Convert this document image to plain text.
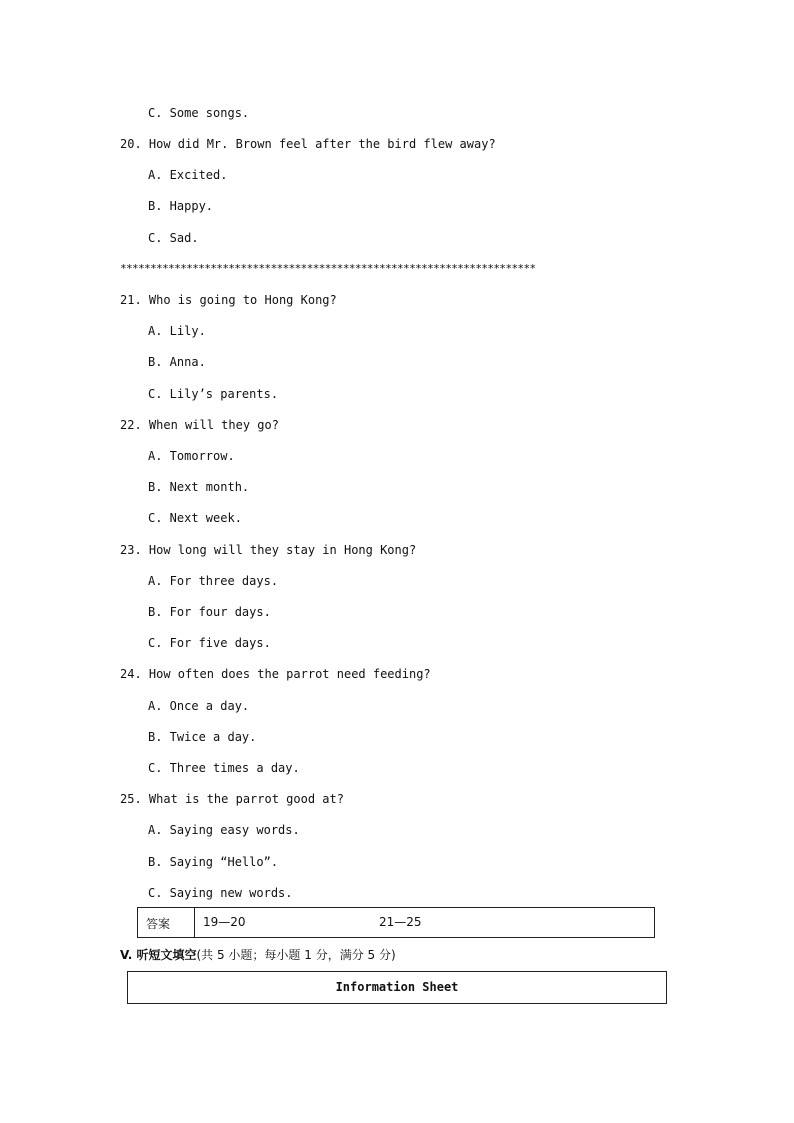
C. Some songs.
20. How did Mr. Brown feel after the bird flew away?
A. Excited.
B. Happy.
C. Sad.
*********************************************************************
21. Who is going to Hong Kong?
A. Lily.
B. Anna.
C. Lily’s parents.
22. When will they go?
A. Tomorrow.
B. Next month.
C. Next week.
23. How long will they stay in Hong Kong?
A. For three days.
B. For four days.
C. For five days.
24. How often does the parrot need feeding?
A. Once a day.
B. Twice a day.
C. Three times a day.
25. What is the parrot good at?
A. Saying easy words.
B. Saying “Hello”.
C. Saying new words.
答案	19—20	21—25
V. 听短文填空(共 5 小题；每小题 1 分，满分 5 分)
Information Sheet
